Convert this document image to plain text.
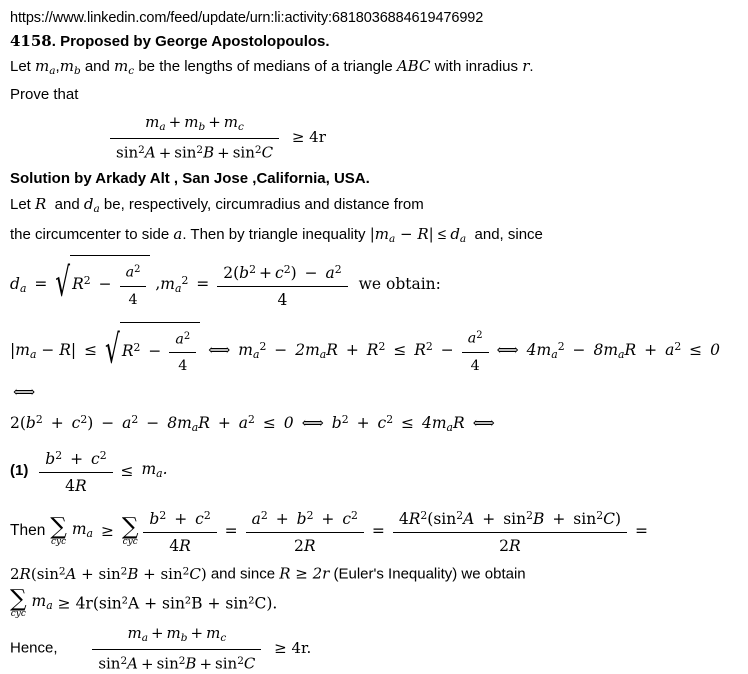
https://www.linkedin.com/feed/update/urn:li:activity:6818036884619476992
4158. Proposed by George Apostolopoulos.
Let $m_a,m_b$ and $m_c$ be the lengths of medians of a triangle ABC with inradius r.
Prove that
$\frac{m_a + m_b + m_c}{\sin^2A + \sin^2B + \sin^2C} \ge 4r$
Solution by Arkady Alt , San Jose ,California, USA.
Let R  and $d_a$ be, respectively, circumradius and distance from
the circumcenter to side a. Then by triangle inequality $|m_a - R| \le d_a$  and, since
$d_a$ = √ $R^2 - \frac{a^2}{4} ,m_a^2 = \frac{2(b^2 + c^2) - a^2}{4}$ we obtain:
$|m_a - R|$ ≤ √ $R^2 - \frac{a^2}{4}$ ⟺ $m_a^2 - 2m_aR + R^2 \le R^2 - \frac{a^2}{4}$ ⟺ $4m_a^2 - 8m_aR + a^2 \le 0$ ⟺
$2(b^2 + c^2) - a^2 - 8m_aR + a^2 \le 0$ ⟺ $b^2 + c^2 \le 4m_aR$ ⟺
$(1) \frac{b^2 + c^2}{4R} \le m_a$.
Then ∑
cyc
$m_a$ ≥ ∑
cyc
$\frac{b^2 + c^2}{4R} = \frac{a^2 + b^2 + c^2}{2R} = \frac{4R^2(\sin^2A + \sin^2B + \sin^2C)}{2R}$ =
$2R(\sin^2A + \sin^2B + \sin^2C)$ and since R ≥ 2r (Euler's Inequality) we obtain
∑
cyc
$m_a \ge 4r(\sin^2A + \sin^2B + \sin^2C)$.
Hence, $\frac{m_a + m_b + m_c}{\sin^2A + \sin^2B + \sin^2C} \ge 4r$.
